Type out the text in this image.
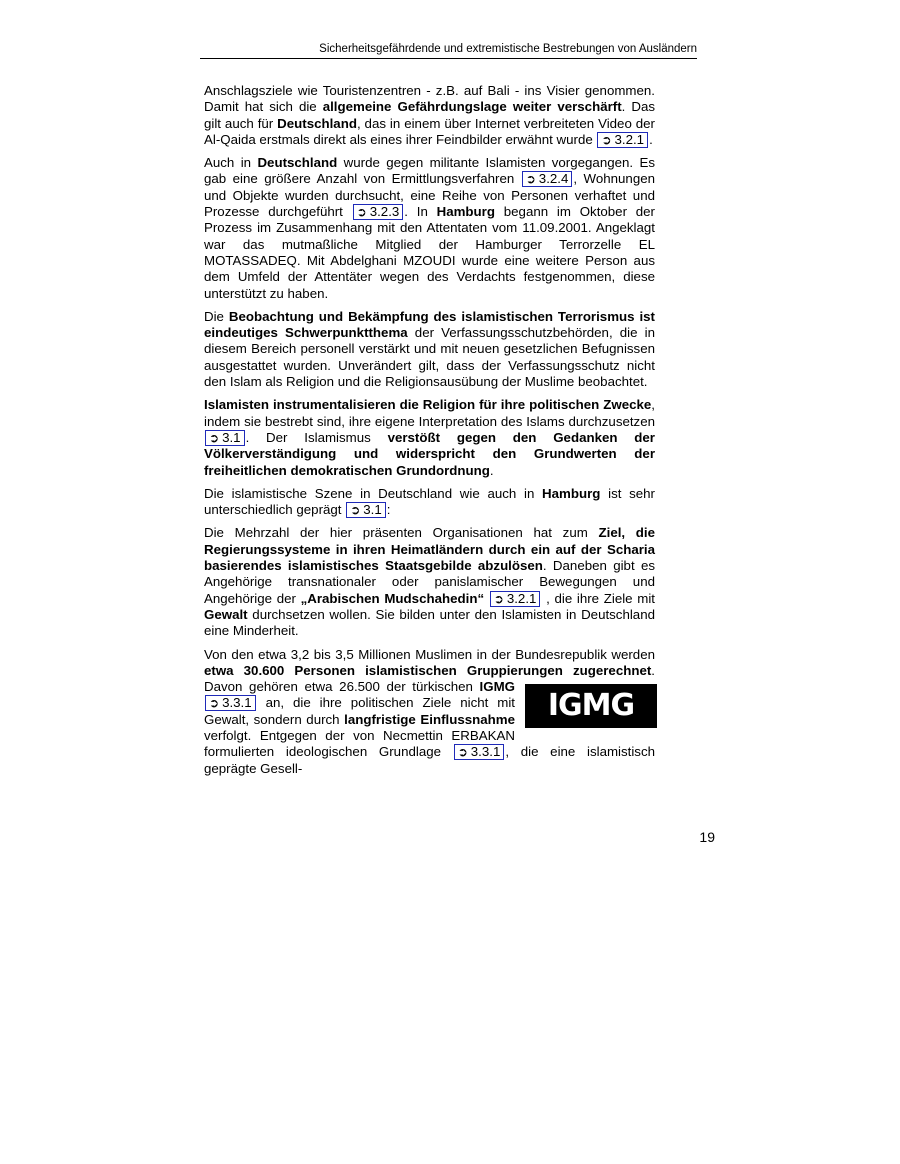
Sicherheitsgefährdende und extremistische Bestrebungen von Ausländern

Anschlagsziele wie Touristenzentren - z.B. auf Bali - ins Visier genommen. Damit hat sich die allgemeine Gefährdungslage weiter verschärft. Das gilt auch für Deutschland, das in einem über Internet verbreiteten Video der Al-Qaida erstmals direkt als eines ihrer Feindbilder erwähnt wurde ➲ 3.2.1 .

Auch in Deutschland wurde gegen militante Islamisten vorgegangen. Es gab eine größere Anzahl von Ermittlungsverfahren ➲ 3.2.4 , Wohnungen und Objekte wurden durchsucht, eine Reihe von Personen verhaftet und Prozesse durchgeführt ➲ 3.2.3 . In Hamburg begann im Oktober der Prozess im Zusammenhang mit den Attentaten vom 11.09.2001. Angeklagt war das mutmaßliche Mitglied der Hamburger Terrorzelle EL MOTASSADEQ. Mit Abdelghani MZOUDI wurde eine weitere Person aus dem Umfeld der Attentäter wegen des Verdachts festgenommen, diese unterstützt zu haben.

Die Beobachtung und Bekämpfung des islamistischen Terrorismus ist eindeutiges Schwerpunktthema der Verfassungsschutzbehörden, die in diesem Bereich personell verstärkt und mit neuen gesetzlichen Befugnissen ausgestattet wurden. Unverändert gilt, dass der Verfassungsschutz nicht den Islam als Religion und die Religionsausübung der Muslime beobachtet.

Islamisten instrumentalisieren die Religion für ihre politischen Zwecke, indem sie bestrebt sind, ihre eigene Interpretation des Islams durchzusetzen ➲ 3.1 . Der Islamismus verstößt gegen den Gedanken der Völkerverständigung und widerspricht den Grundwerten der freiheitlichen demokratischen Grundordnung.

Die islamistische Szene in Deutschland wie auch in Hamburg ist sehr unterschiedlich geprägt ➲ 3.1 :

Die Mehrzahl der hier präsenten Organisationen hat zum Ziel, die Regierungssysteme in ihren Heimatländern durch ein auf der Scharia basierendes islamistisches Staatsgebilde abzulösen. Daneben gibt es Angehörige transnationaler oder panislamischer Bewegungen und Angehörige der „Arabischen Mudschahedin“ ➲ 3.2.1 , die ihre Ziele mit Gewalt durchsetzen wollen. Sie bilden unter den Islamisten in Deutschland eine Minderheit.

Von den etwa 3,2 bis 3,5 Millionen Muslimen in der Bundesrepublik werden etwa 30.600 Personen islamistischen Gruppierungen zugerechnet. Davon gehören etwa 26.500 der türkischen
IGMG
IGMG ➲ 3.3.1 an, die ihre politischen Ziele nicht mit Gewalt, sondern durch langfristige Einflussnahme verfolgt. Entgegen der von Necmettin ERBAKAN formulierten ideologischen Grundlage ➲ 3.3.1 , die eine islamistisch geprägte Gesell-

19
